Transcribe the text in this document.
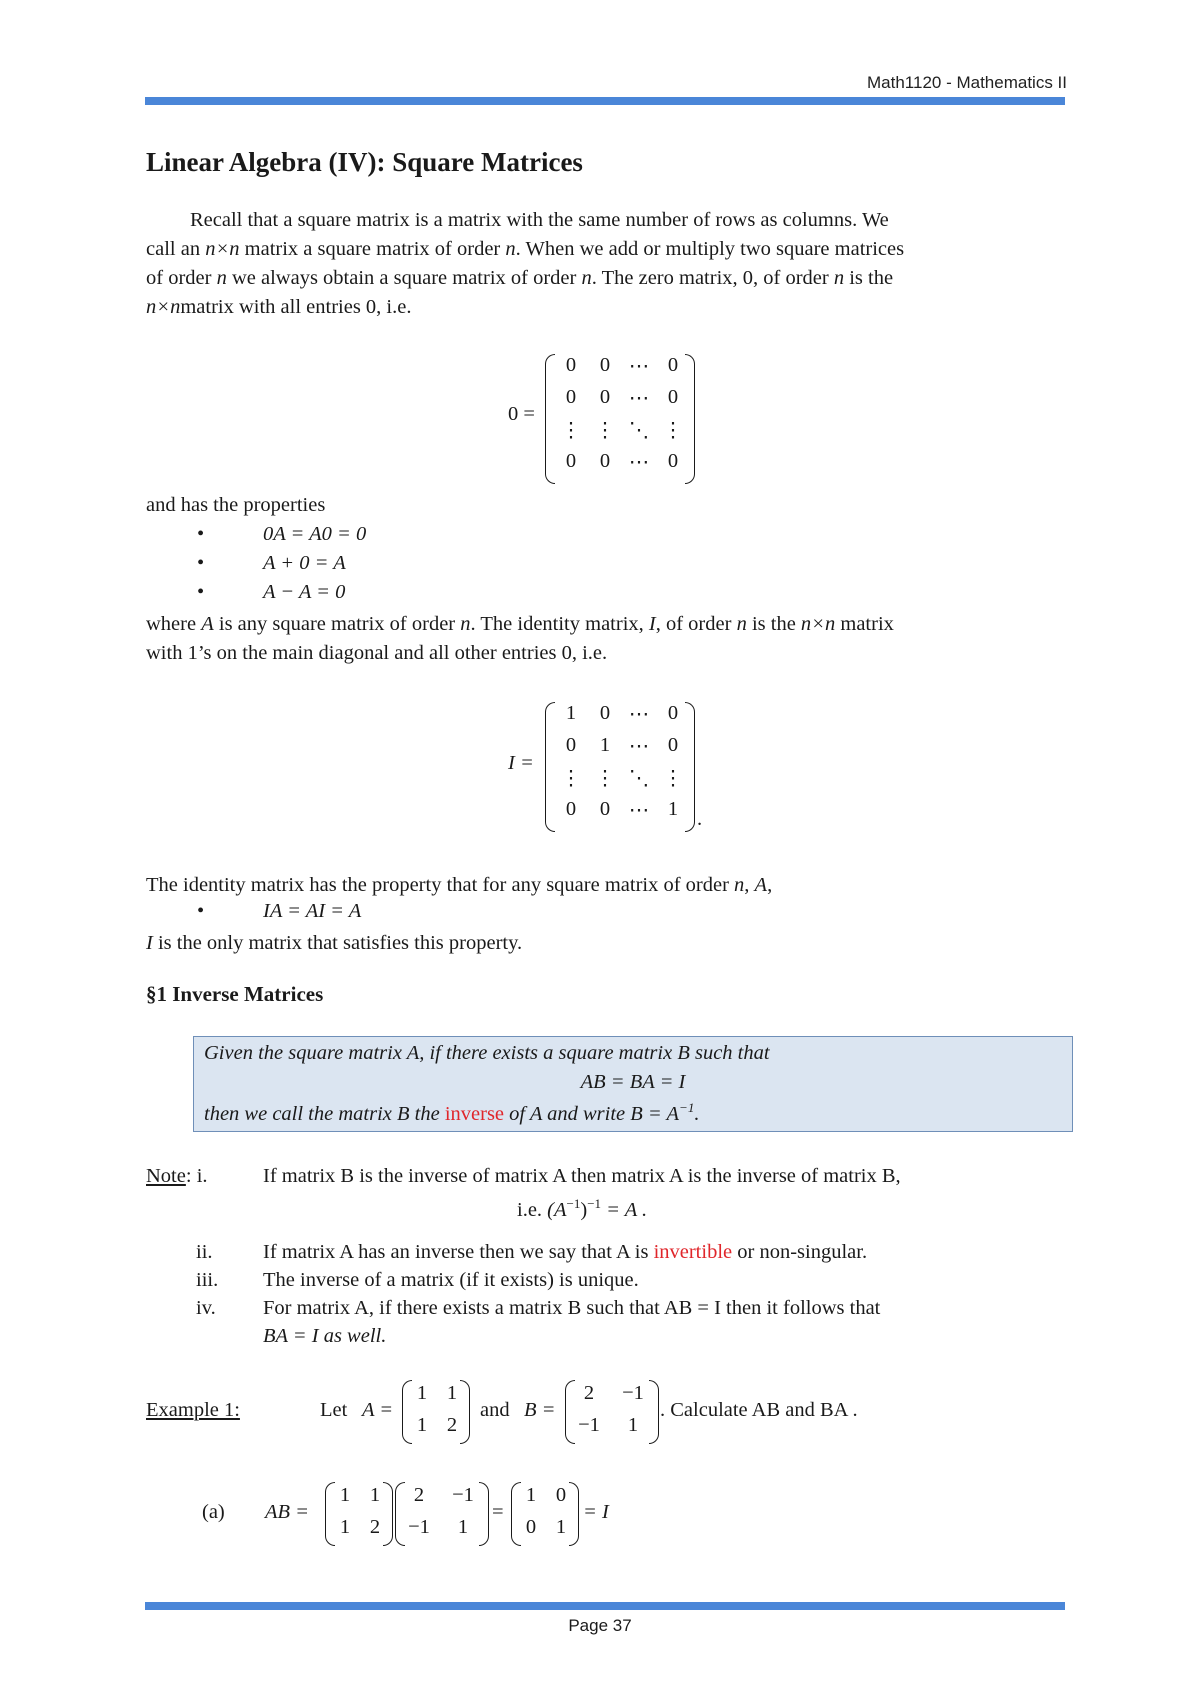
Math1120 - Mathematics II
Linear Algebra (IV): Square Matrices
Recall that a square matrix is a matrix with the same number of rows as columns. We
call an n×n matrix a square matrix of order n. When we add or multiply two square matrices
of order n we always obtain a square matrix of order n. The zero matrix, 0, of order n is the
n×nmatrix with all entries 0, i.e.
0 =
0	0 ⋯ 0
0	0 ⋯ 0
⋮ ⋮ ⋱ ⋮
0	0 ⋯ 0
and has the properties
•	0A = A0 = 0
•	A + 0 = A
•	A − A = 0
where A is any square matrix of order n. The identity matrix, I, of order n is the n×n matrix
with 1’s on the main diagonal and all other entries 0, i.e.
I =
1	0 ⋯ 0
0	1 ⋯ 0
⋮ ⋮ ⋱ ⋮
0	0 ⋯ 1 .
The identity matrix has the property that for any square matrix of order n, A,
•	IA = AI = A
I is the only matrix that satisfies this property.
§1 Inverse Matrices
Given the square matrix A, if there exists a square matrix B such that
AB = BA = I
then we call the matrix B the inverse of A and write $B = A^{-1}$.
Note: i.	If matrix B is the inverse of matrix A then matrix A is the inverse of matrix B,
i.e. $(A^{-1})^{-1} = A$ .
ii. If matrix A has an inverse then we say that A is invertible or non-singular.
iii. The inverse of a matrix (if it exists) is unique.
iv. For matrix A, if there exists a matrix B such that AB = I then it follows that
BA = I as well.
Example 1:	Let A =
1 1
1 2
and B =
2	−1
−1	1
. Calculate AB and BA .
(a) AB =
1 1
1 2
2	−1
−1	1
=
1 0
0 1
= I
Page 37
